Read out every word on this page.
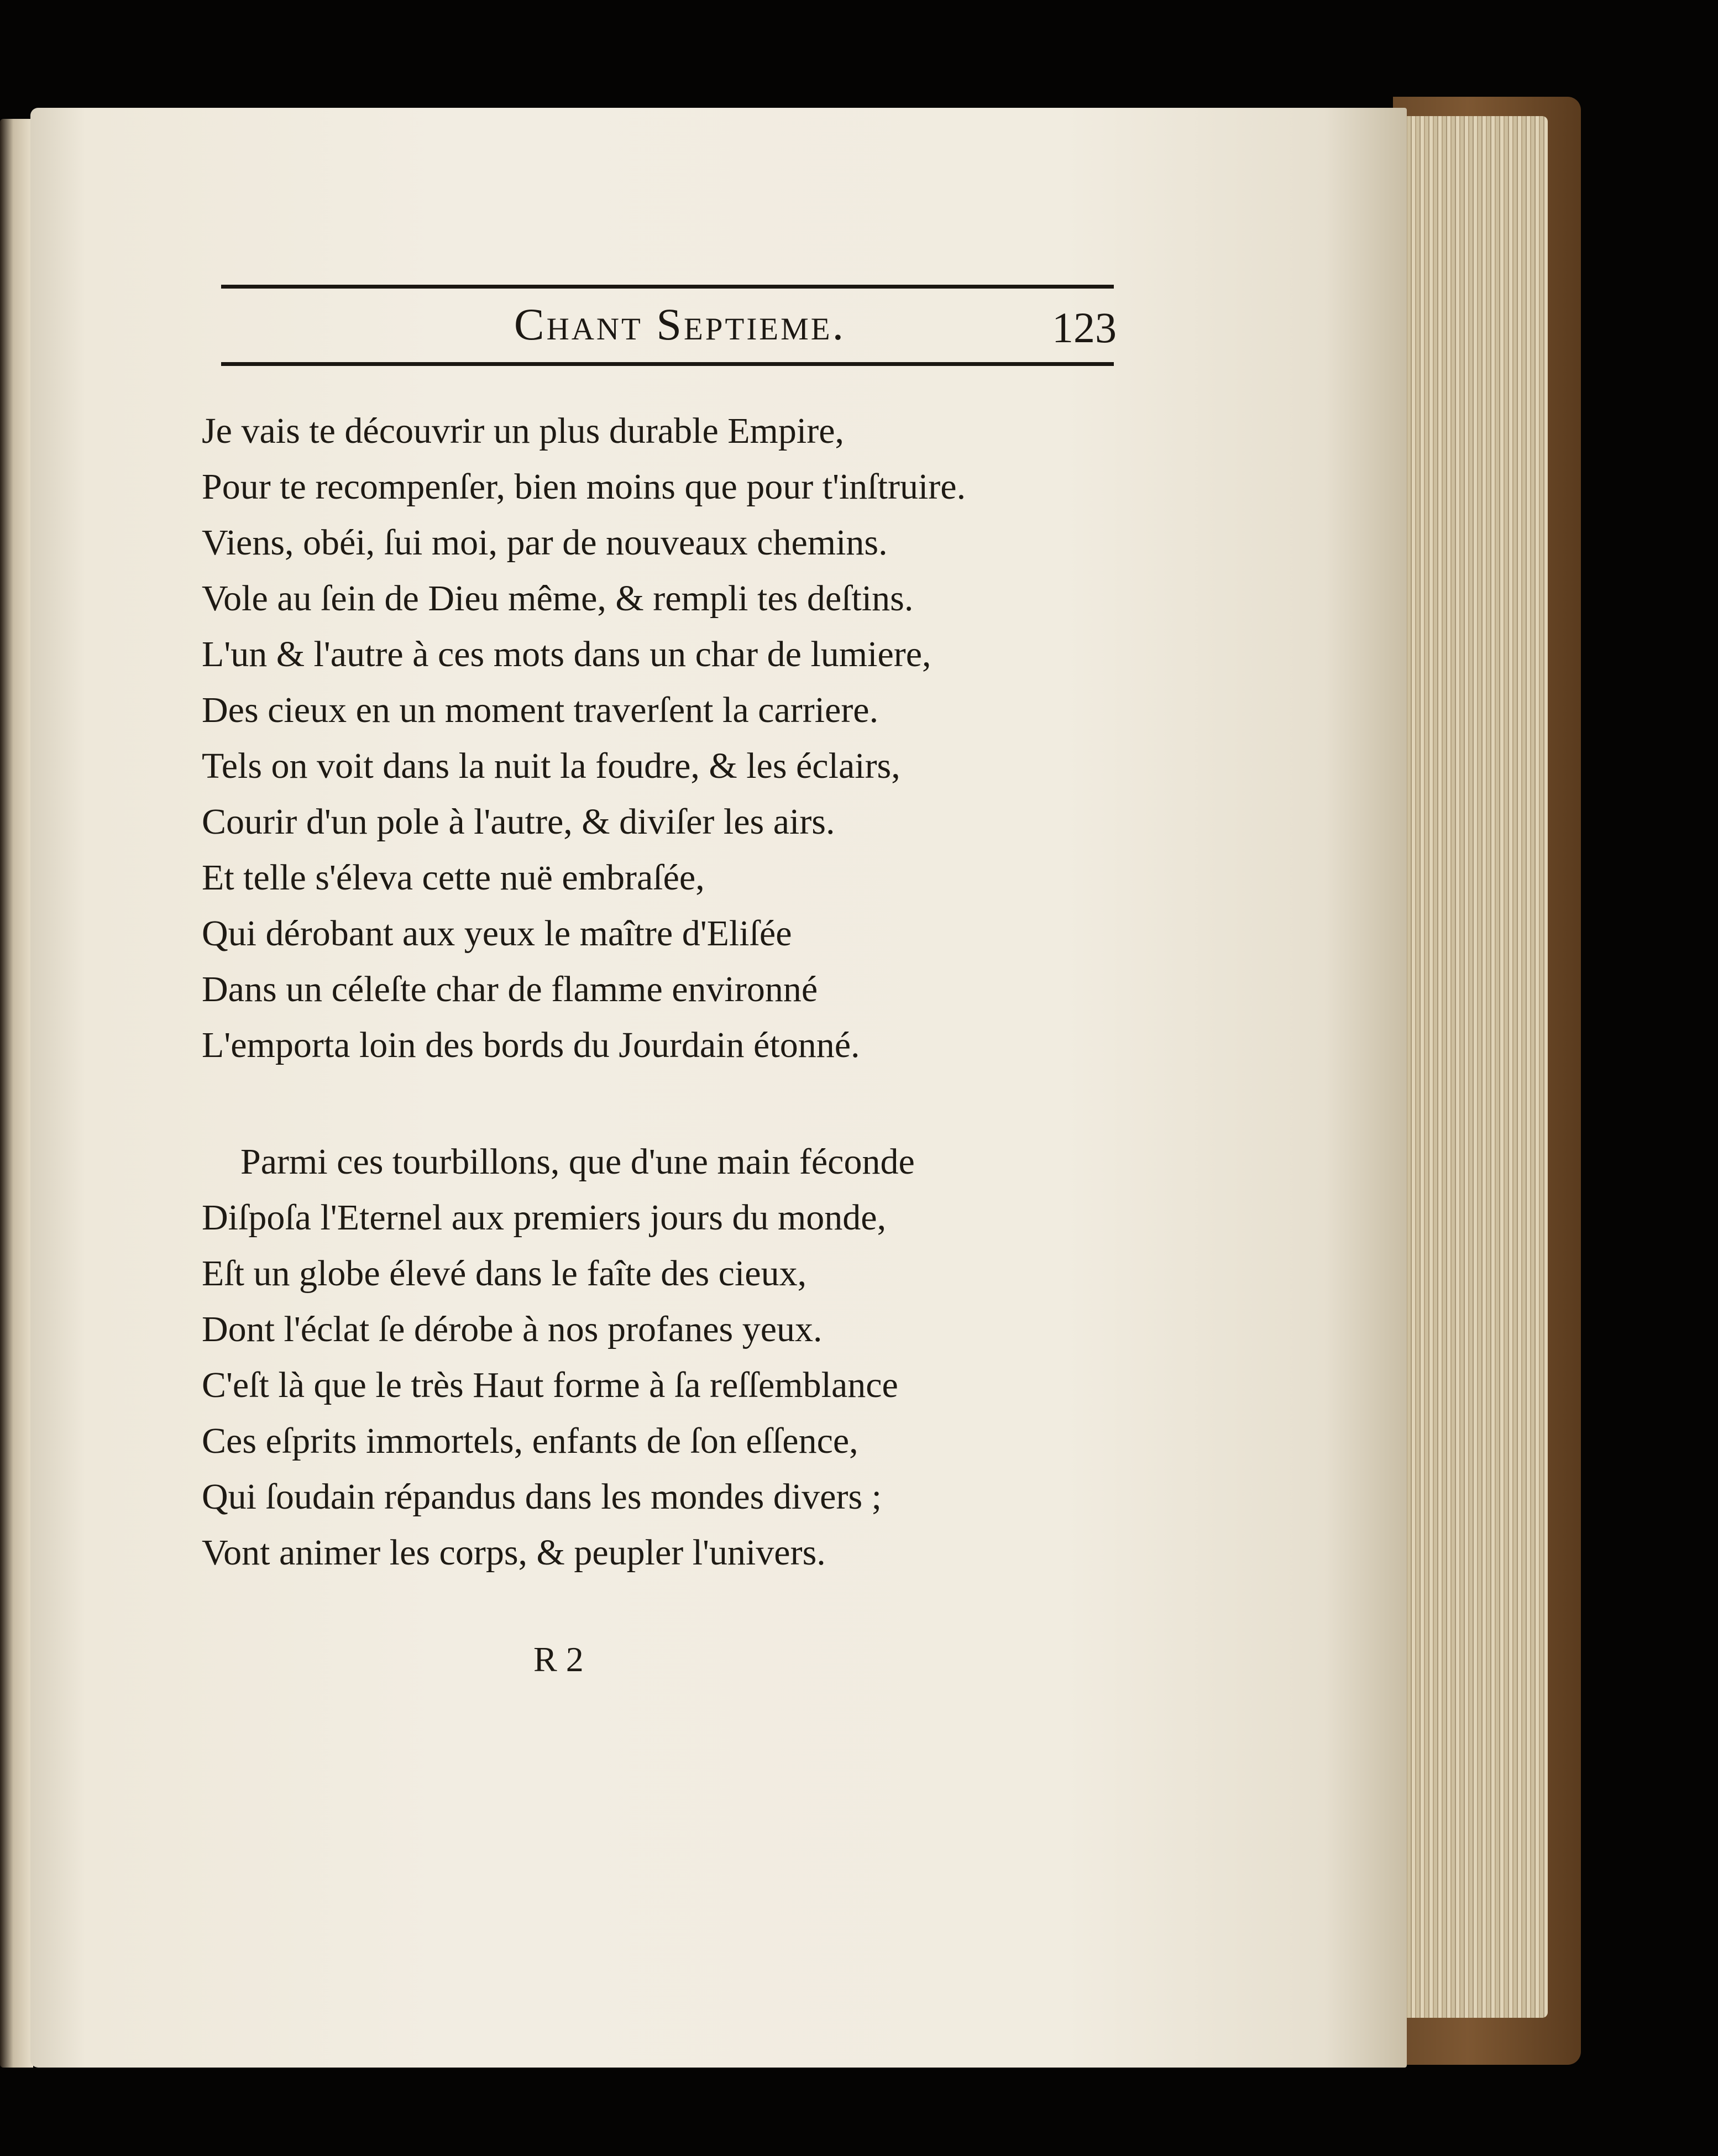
Chant Septieme.	123
Je vais te découvrir un plus durable Empire,
Pour te recompenſer, bien moins que pour t'inſtruire.
Viens, obéi, ſui moi, par de nouveaux chemins.
Vole au ſein de Dieu même, & rempli tes deſtins.
L'un & l'autre à ces mots dans un char de lumiere,
Des cieux en un moment traverſent la carriere.
Tels on voit dans la nuit la foudre, & les éclairs,
Courir d'un pole à l'autre, & diviſer les airs.
Et telle s'éleva cette nuë embraſée,
Qui dérobant aux yeux le maître d'Eliſée
Dans un céleſte char de flamme environné
L'emporta loin des bords du Jourdain étonné.
Parmi ces tourbillons, que d'une main féconde
Diſpoſa l'Eternel aux premiers jours du monde,
Eſt un globe élevé dans le faîte des cieux,
Dont l'éclat ſe dérobe à nos profanes yeux.
C'eſt là que le très Haut forme à ſa reſſemblance
Ces eſprits immortels, enfants de ſon eſſence,
Qui ſoudain répandus dans les mondes divers ;
Vont animer les corps, & peupler l'univers.
R 2
